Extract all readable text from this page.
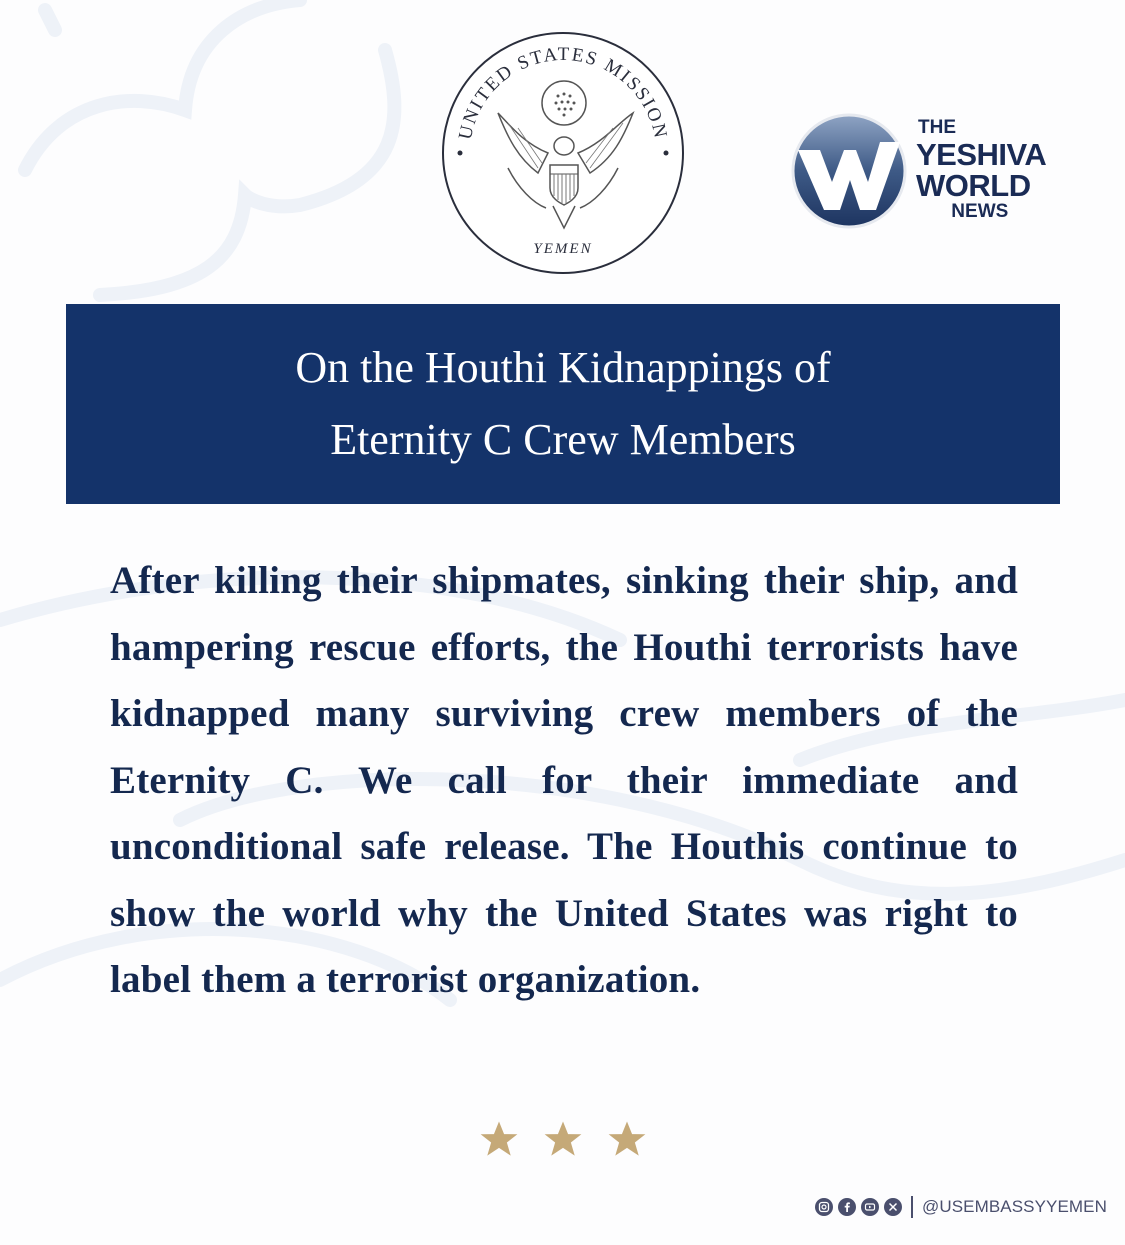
UNITED STATES MISSION
YEMEN
THE
YESHIVA
WORLD
NEWS
On the Houthi Kidnappings of
Eternity C Crew Members

After killing their shipmates, sinking their ship, and hampering rescue efforts, the Houthi terrorists have kidnapped many surviving crew members of the Eternity C. We call for their immediate and unconditional safe release. The Houthis continue to show the world why the United States was right to label them a terrorist organization.

@USEMBASSYYEMEN
